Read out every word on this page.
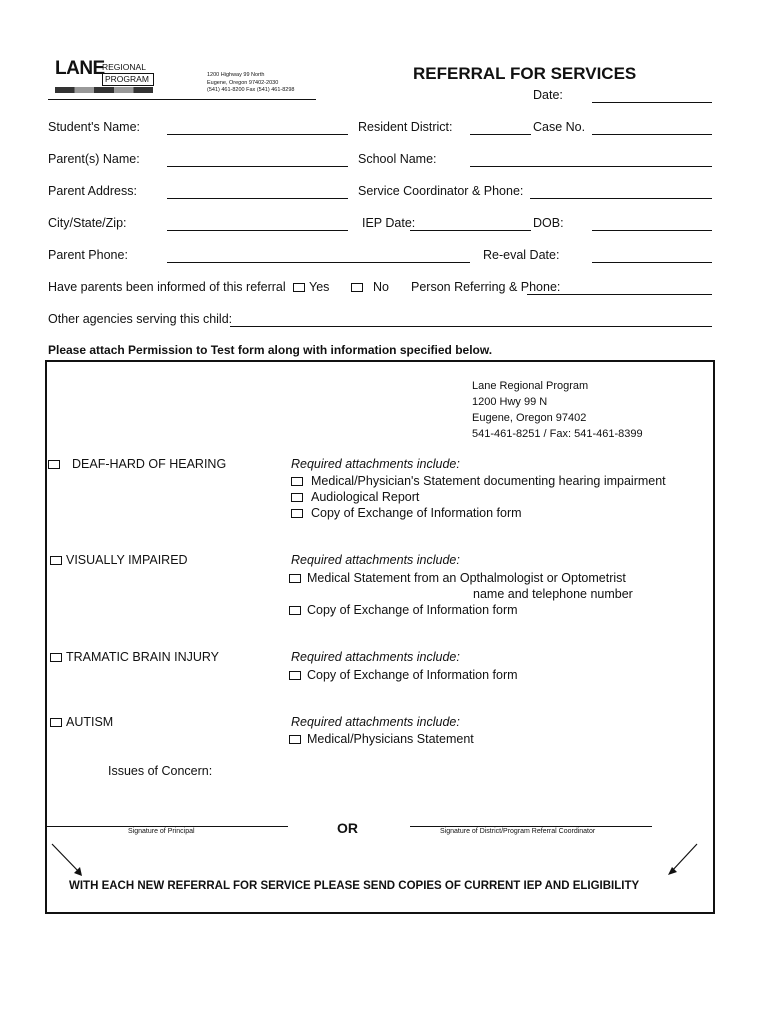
LANE
REGIONAL
PROGRAM	1200 Highway 99 North
Eugene, Oregon 97402-2030
(541) 461-8200 Fax (541) 461-8298
REFERRAL FOR SERVICES
Date:
Student's Name:	Resident District:	Case No.
Parent(s) Name:	School Name:
Parent Address:	Service Coordinator & Phone:
City/State/Zip:	IEP Date:	DOB:
Parent Phone:	Re-eval Date:
Have parents been informed of this referral	Yes	No Person Referring & Phone:
Other agencies serving this child:
Please attach Permission to Test form along with information specified below.
Lane Regional Program
1200 Hwy 99 N
Eugene, Oregon 97402
541-461-8251 / Fax: 541-461-8399
DEAF-HARD OF HEARING	Required attachments include:
Medical/Physician's Statement documenting hearing impairment
Audiological Report
Copy of Exchange of Information form
VISUALLY IMPAIRED	Required attachments include:
Medical Statement from an Opthalmologist or Optometrist
name and telephone number
Copy of Exchange of Information form
TRAMATIC BRAIN INJURY	Required attachments include:
Copy of Exchange of Information form
AUTISM	Required attachments include:
Medical/Physicians Statement
Issues of Concern:
Signature of Principal	OR	Signature of District/Program Referral Coordinator
WITH EACH NEW REFERRAL FOR SERVICE PLEASE SEND COPIES OF CURRENT IEP AND ELIGIBILITY
